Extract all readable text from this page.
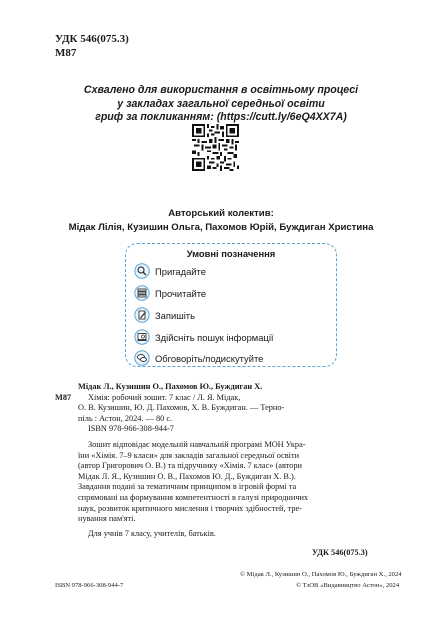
УДК 546(075.3)
М87
Схвалено для використання в освітньому процесі
у закладах загальної середньої освіти
гриф за покликанням: (https://cutt.ly/6eQ4XX7A)
Авторський колектив:
Мідак Лілія, Кузишин Ольга, Пахомов Юрій, Буждиган Христина
Умовні позначення
Пригадайте
Прочитайте
Запишіть
Здійсніть пошук інформації
Обговоріть/подискутуйте
М87
Мідак Л., Кузишин О., Пахомов Ю., Буждиган Х.
Хімія: робочий зошит. 7 клас / Л. Я. Мідак,
О. В. Кузишин, Ю. Д. Пахомов, Х. В. Буждиган. — Терно-
піль : Астон, 2024. — 80 с.
ISBN 978-966-308-944-7
Зошит відповідає модельній навчальній програмі МОН Укра-
їни «Хімія. 7–9 класи» для закладів загальної середньої освіти
(автор Григорович О. В.) та підручнику «Хімія. 7 клас» (автори
Мідак Л. Я., Кузишин О. В., Пахомов Ю. Д., Буждиган Х. В.).
Завдання подані за тематичним принципом в ігровій формі та
спрямовані на формування компетентності в галузі природничих
наук, розвиток критичного мислення і творчих здібностей, тре-
нування пам'яті.
Для учнів 7 класу, учителів, батьків.
УДК 546(075.3)
© Мідак Л., Кузишин О., Пахомов Ю., Буждиган Х., 2024
ISBN 978-966-308-944-7	© ТзОВ «Видавництво Астон», 2024
